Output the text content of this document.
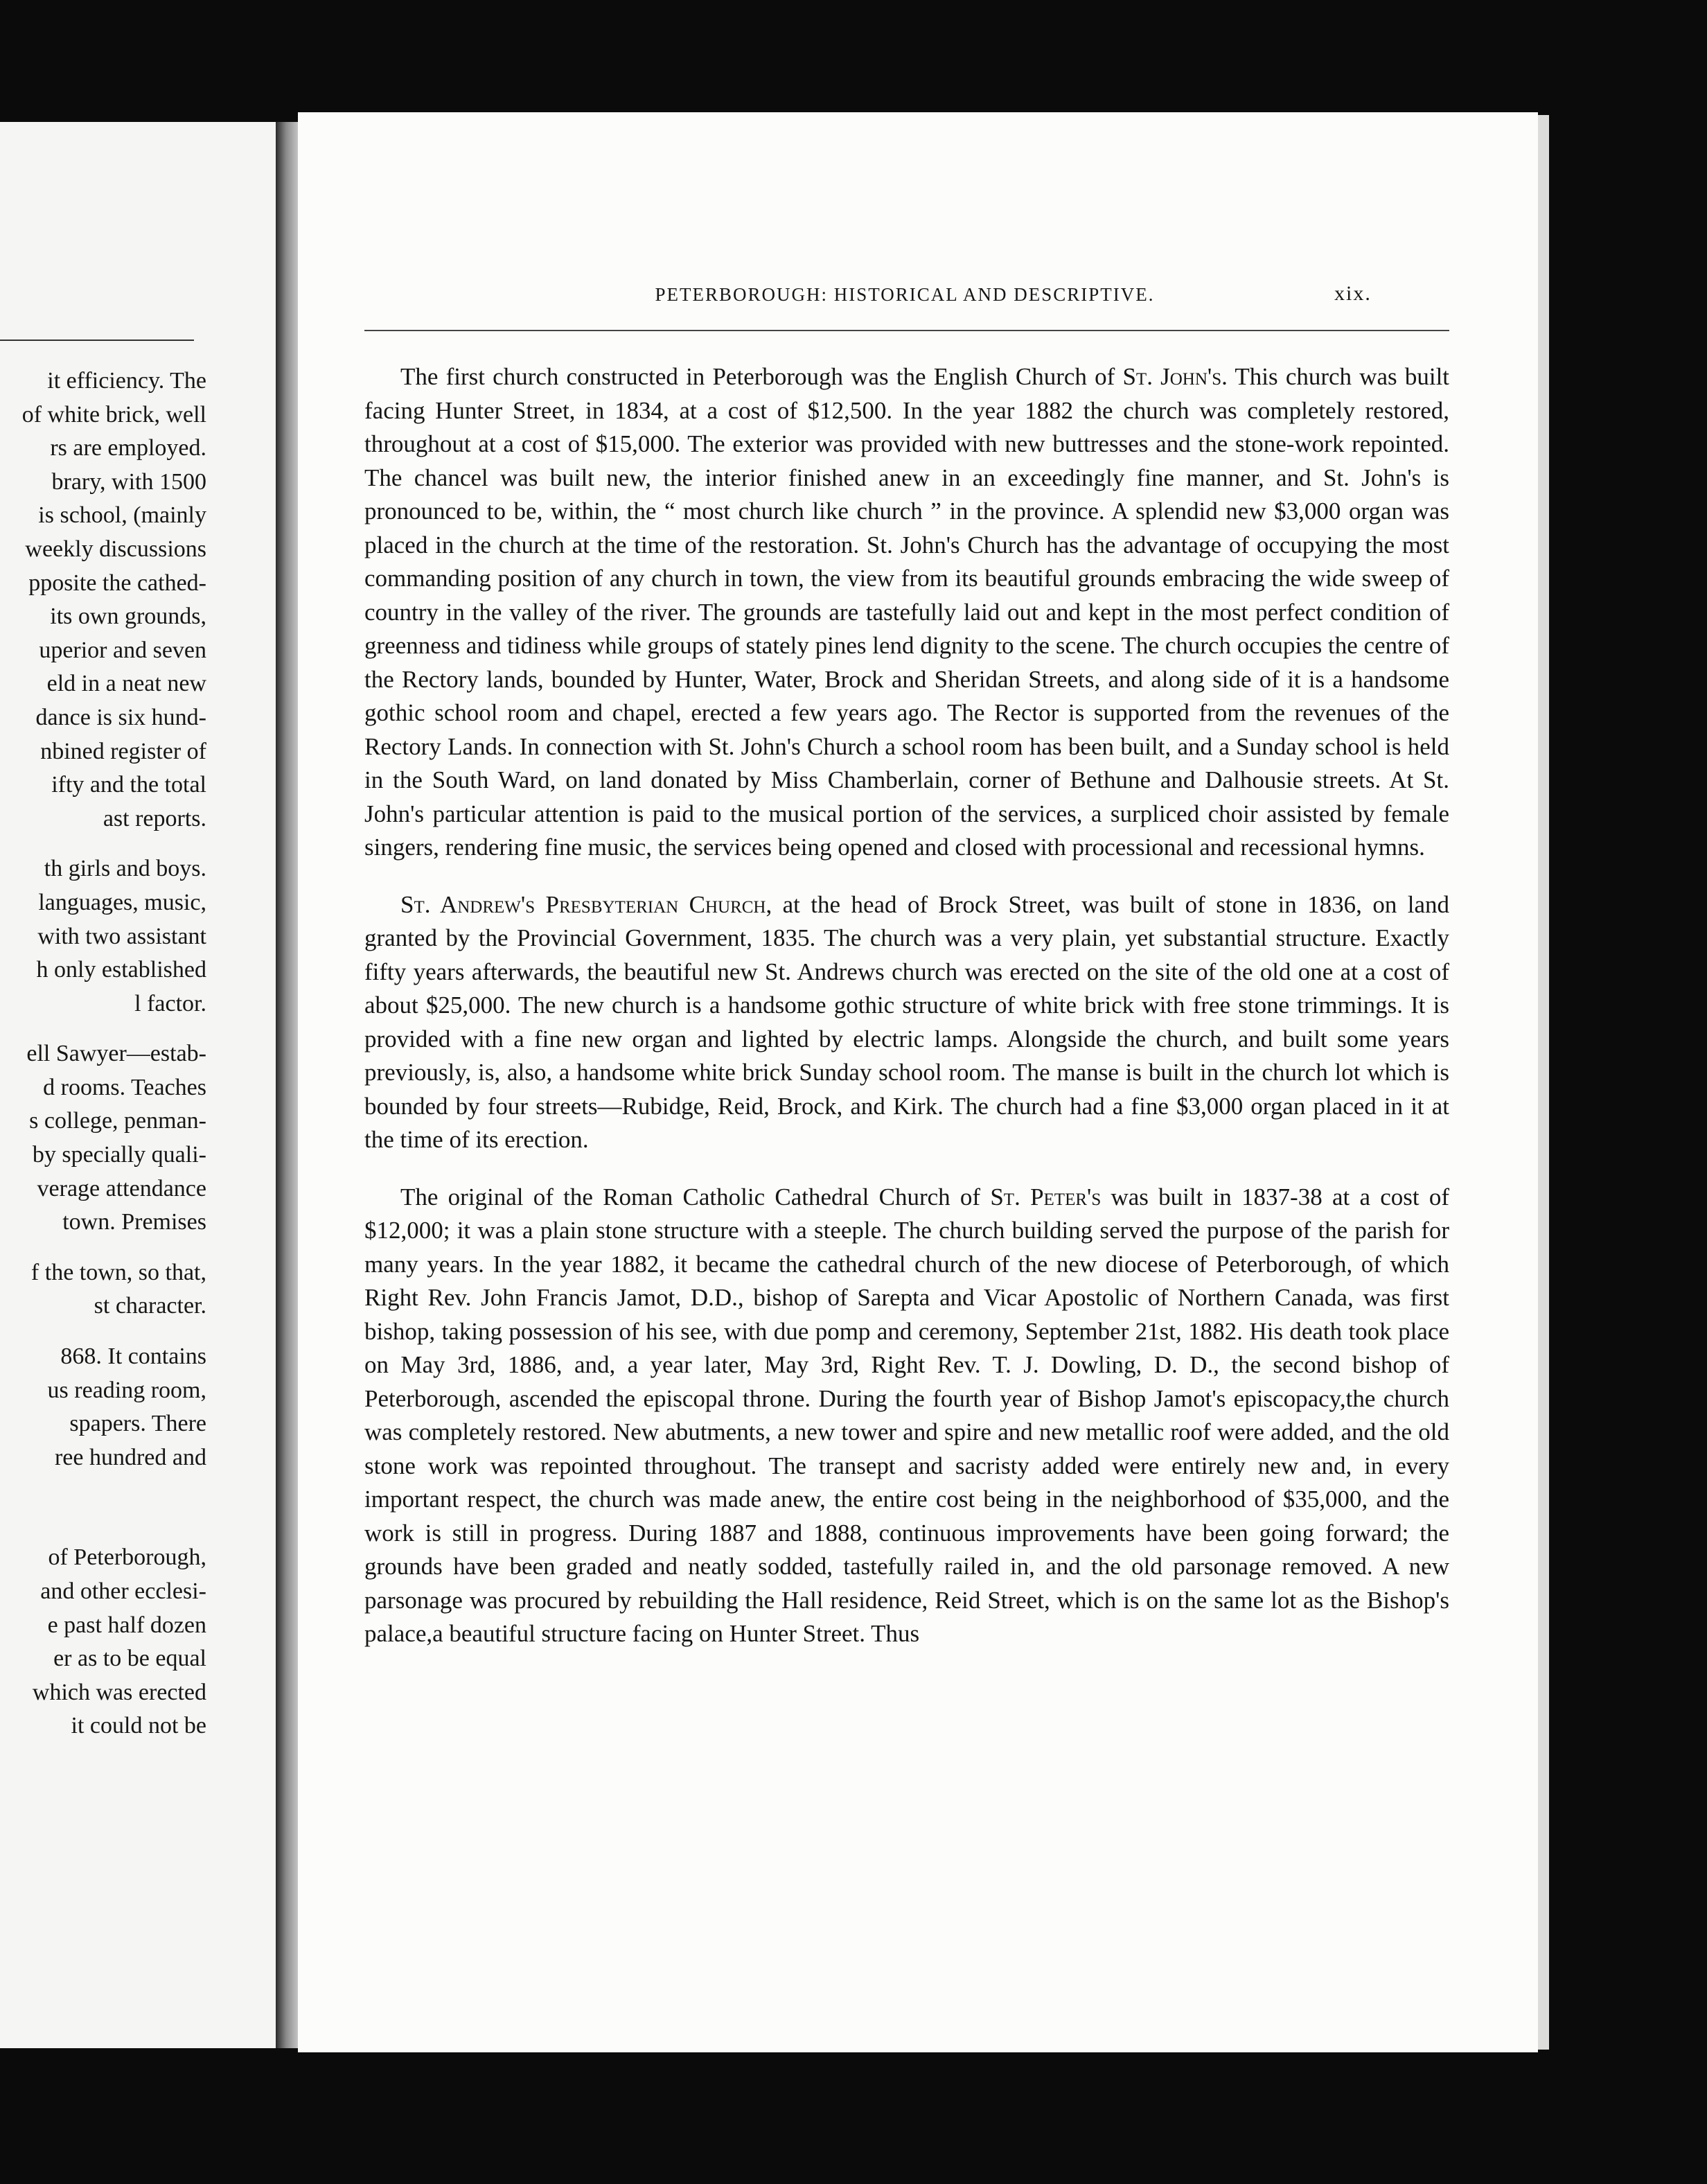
it efficiency. The
of white brick, well
rs are employed.
brary, with 1500
is school, (mainly
weekly discussions
pposite the cathed-
its own grounds,
uperior and seven
eld in a neat new
dance is six hund-
nbined register of
ifty and the total
ast reports.
th girls and boys.
languages, music,
with two assistant
h only established
l factor.
ell Sawyer—estab-
d rooms. Teaches
s college, penman-
by specially quali-
verage attendance
town. Premises
f the town, so that,
st character.
868. It contains
us reading room,
spapers. There
ree hundred and
of Peterborough,
and other ecclesi-
e past half dozen
er as to be equal
which was erected
it could not be
PETERBOROUGH: HISTORICAL AND DESCRIPTIVE.	xix.

The first church constructed in Peterborough was the English Church of St. John's. This church was built facing Hunter Street, in 1834, at a cost of $12,500. In the year 1882 the church was completely restored, throughout at a cost of $15,000. The exterior was provided with new buttresses and the stone-work repointed. The chancel was built new, the interior finished anew in an exceedingly fine manner, and St. John's is pronounced to be, within, the “ most church like church ” in the province. A splendid new $3,000 organ was placed in the church at the time of the restoration. St. John's Church has the advantage of occupying the most commanding position of any church in town, the view from its beautiful grounds embracing the wide sweep of country in the valley of the river. The grounds are tastefully laid out and kept in the most perfect condition of greenness and tidiness while groups of stately pines lend dignity to the scene. The church occupies the centre of the Rectory lands, bounded by Hunter, Water, Brock and Sheridan Streets, and along side of it is a handsome gothic school room and chapel, erected a few years ago. The Rector is supported from the revenues of the Rectory Lands. In connection with St. John's Church a school room has been built, and a Sunday school is held in the South Ward, on land donated by Miss Chamberlain, corner of Bethune and Dalhousie streets. At St. John's particular attention is paid to the musical portion of the services, a surpliced choir assisted by female singers, rendering fine music, the services being opened and closed with processional and recessional hymns.

St. Andrew's Presbyterian Church, at the head of Brock Street, was built of stone in 1836, on land granted by the Provincial Government, 1835. The church was a very plain, yet substantial structure. Exactly fifty years afterwards, the beautiful new St. Andrews church was erected on the site of the old one at a cost of about $25,000. The new church is a handsome gothic structure of white brick with free stone trimmings. It is provided with a fine new organ and lighted by electric lamps. Alongside the church, and built some years previously, is, also, a handsome white brick Sunday school room. The manse is built in the church lot which is bounded by four streets—Rubidge, Reid, Brock, and Kirk. The church had a fine $3,000 organ placed in it at the time of its erection.

The original of the Roman Catholic Cathedral Church of St. Peter's was built in 1837-38 at a cost of $12,000; it was a plain stone structure with a steeple. The church building served the purpose of the parish for many years. In the year 1882, it became the cathedral church of the new diocese of Peterborough, of which Right Rev. John Francis Jamot, D.D., bishop of Sarepta and Vicar Apostolic of Northern Canada, was first bishop, taking possession of his see, with due pomp and ceremony, September 21st, 1882. His death took place on May 3rd, 1886, and, a year later, May 3rd, Right Rev. T. J. Dowling, D. D., the second bishop of Peterborough, ascended the episcopal throne. During the fourth year of Bishop Jamot's episcopacy,the church was completely restored. New abutments, a new tower and spire and new metallic roof were added, and the old stone work was repointed throughout. The transept and sacristy added were entirely new and, in every important respect, the church was made anew, the entire cost being in the neighborhood of $35,000, and the work is still in progress. During 1887 and 1888, continuous improvements have been going forward; the grounds have been graded and neatly sodded, tastefully railed in, and the old parsonage removed. A new parsonage was procured by rebuilding the Hall residence, Reid Street, which is on the same lot as the Bishop's palace,a beautiful structure facing on Hunter Street. Thus
